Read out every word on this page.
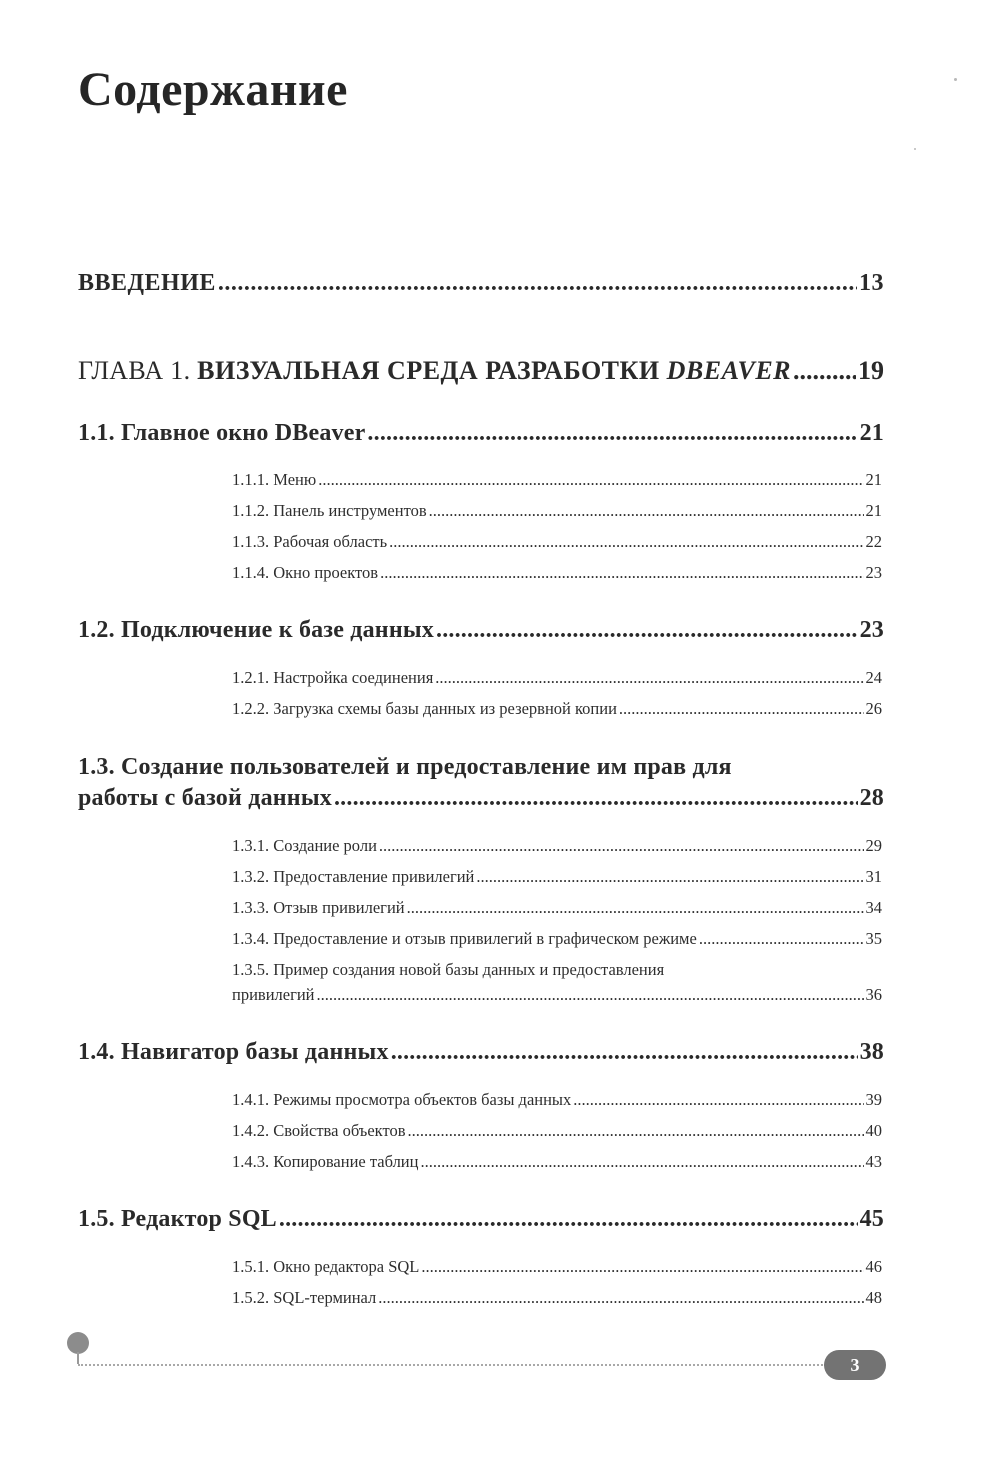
Содержание
ВВЕДЕНИЕ .....	13
ГЛАВА 1. ВИЗУАЛЬНАЯ СРЕДА РАЗРАБОТКИ DBEAVER .....	19
1.1. Главное окно DBeaver .....	21
1.1.1. Меню .....	21
1.1.2. Панель инструментов .....	21
1.1.3. Рабочая область .....	22
1.1.4. Окно проектов .....	23
1.2. Подключение к базе данных .....	23
1.2.1. Настройка соединения .....	24
1.2.2. Загрузка схемы базы данных из резервной копии .....	26
1.3. Создание пользователей и предоставление им прав для
работы с базой данных .....	28
1.3.1. Создание роли .....	29
1.3.2. Предоставление привилегий .....	31
1.3.3. Отзыв привилегий .....	34
1.3.4. Предоставление и отзыв привилегий в графическом режиме .....	35
1.3.5. Пример создания новой базы данных и предоставления
привилегий .....	36
1.4. Навигатор базы данных .....	38
1.4.1. Режимы просмотра объектов базы данных .....	39
1.4.2. Свойства объектов .....	40
1.4.3. Копирование таблиц .....	43
1.5. Редактор SQL .....	45
1.5.1. Окно редактора SQL .....	46
1.5.2. SQL-терминал .....	48
3
